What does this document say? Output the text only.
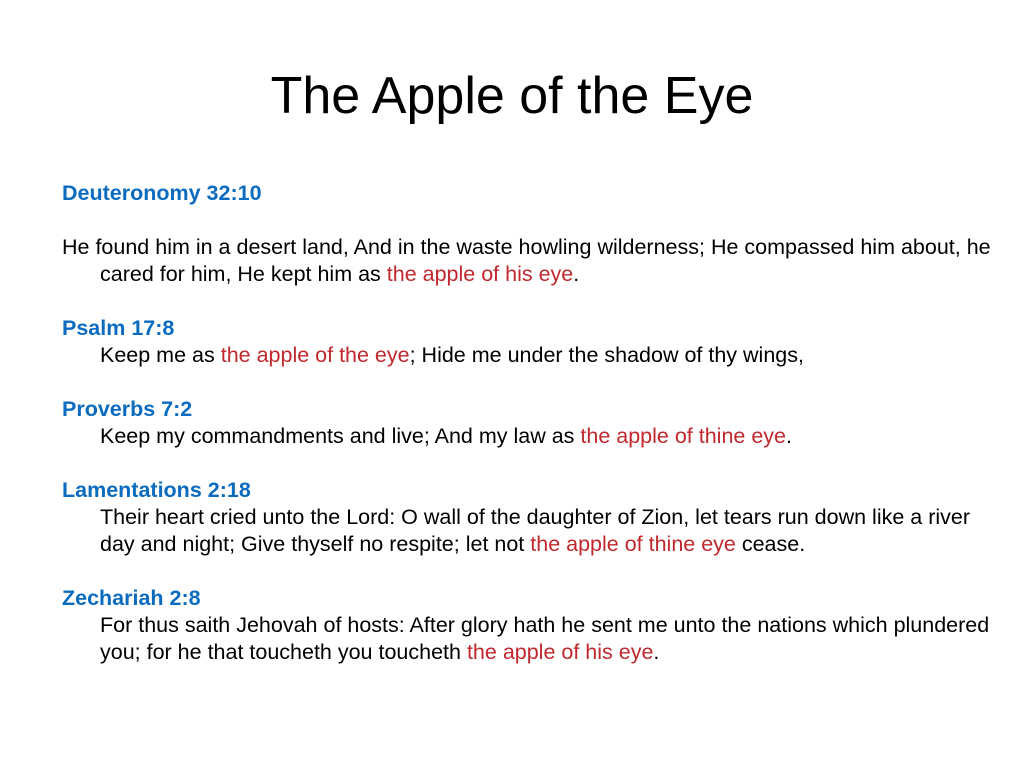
The Apple of the Eye

Deuteronomy 32:10

He found him in a desert land, And in the waste howling wilderness; He compassed him about, he cared for him, He kept him as the apple of his eye.

Psalm 17:8

Keep me as the apple of the eye; Hide me under the shadow of thy wings,

Proverbs 7:2

Keep my commandments and live; And my law as the apple of thine eye.

Lamentations 2:18

Their heart cried unto the Lord: O wall of the daughter of Zion, let tears run down like a river day and night; Give thyself no respite; let not the apple of thine eye cease.

Zechariah 2:8

For thus saith Jehovah of hosts: After glory hath he sent me unto the nations which plundered you; for he that toucheth you toucheth the apple of his eye.
